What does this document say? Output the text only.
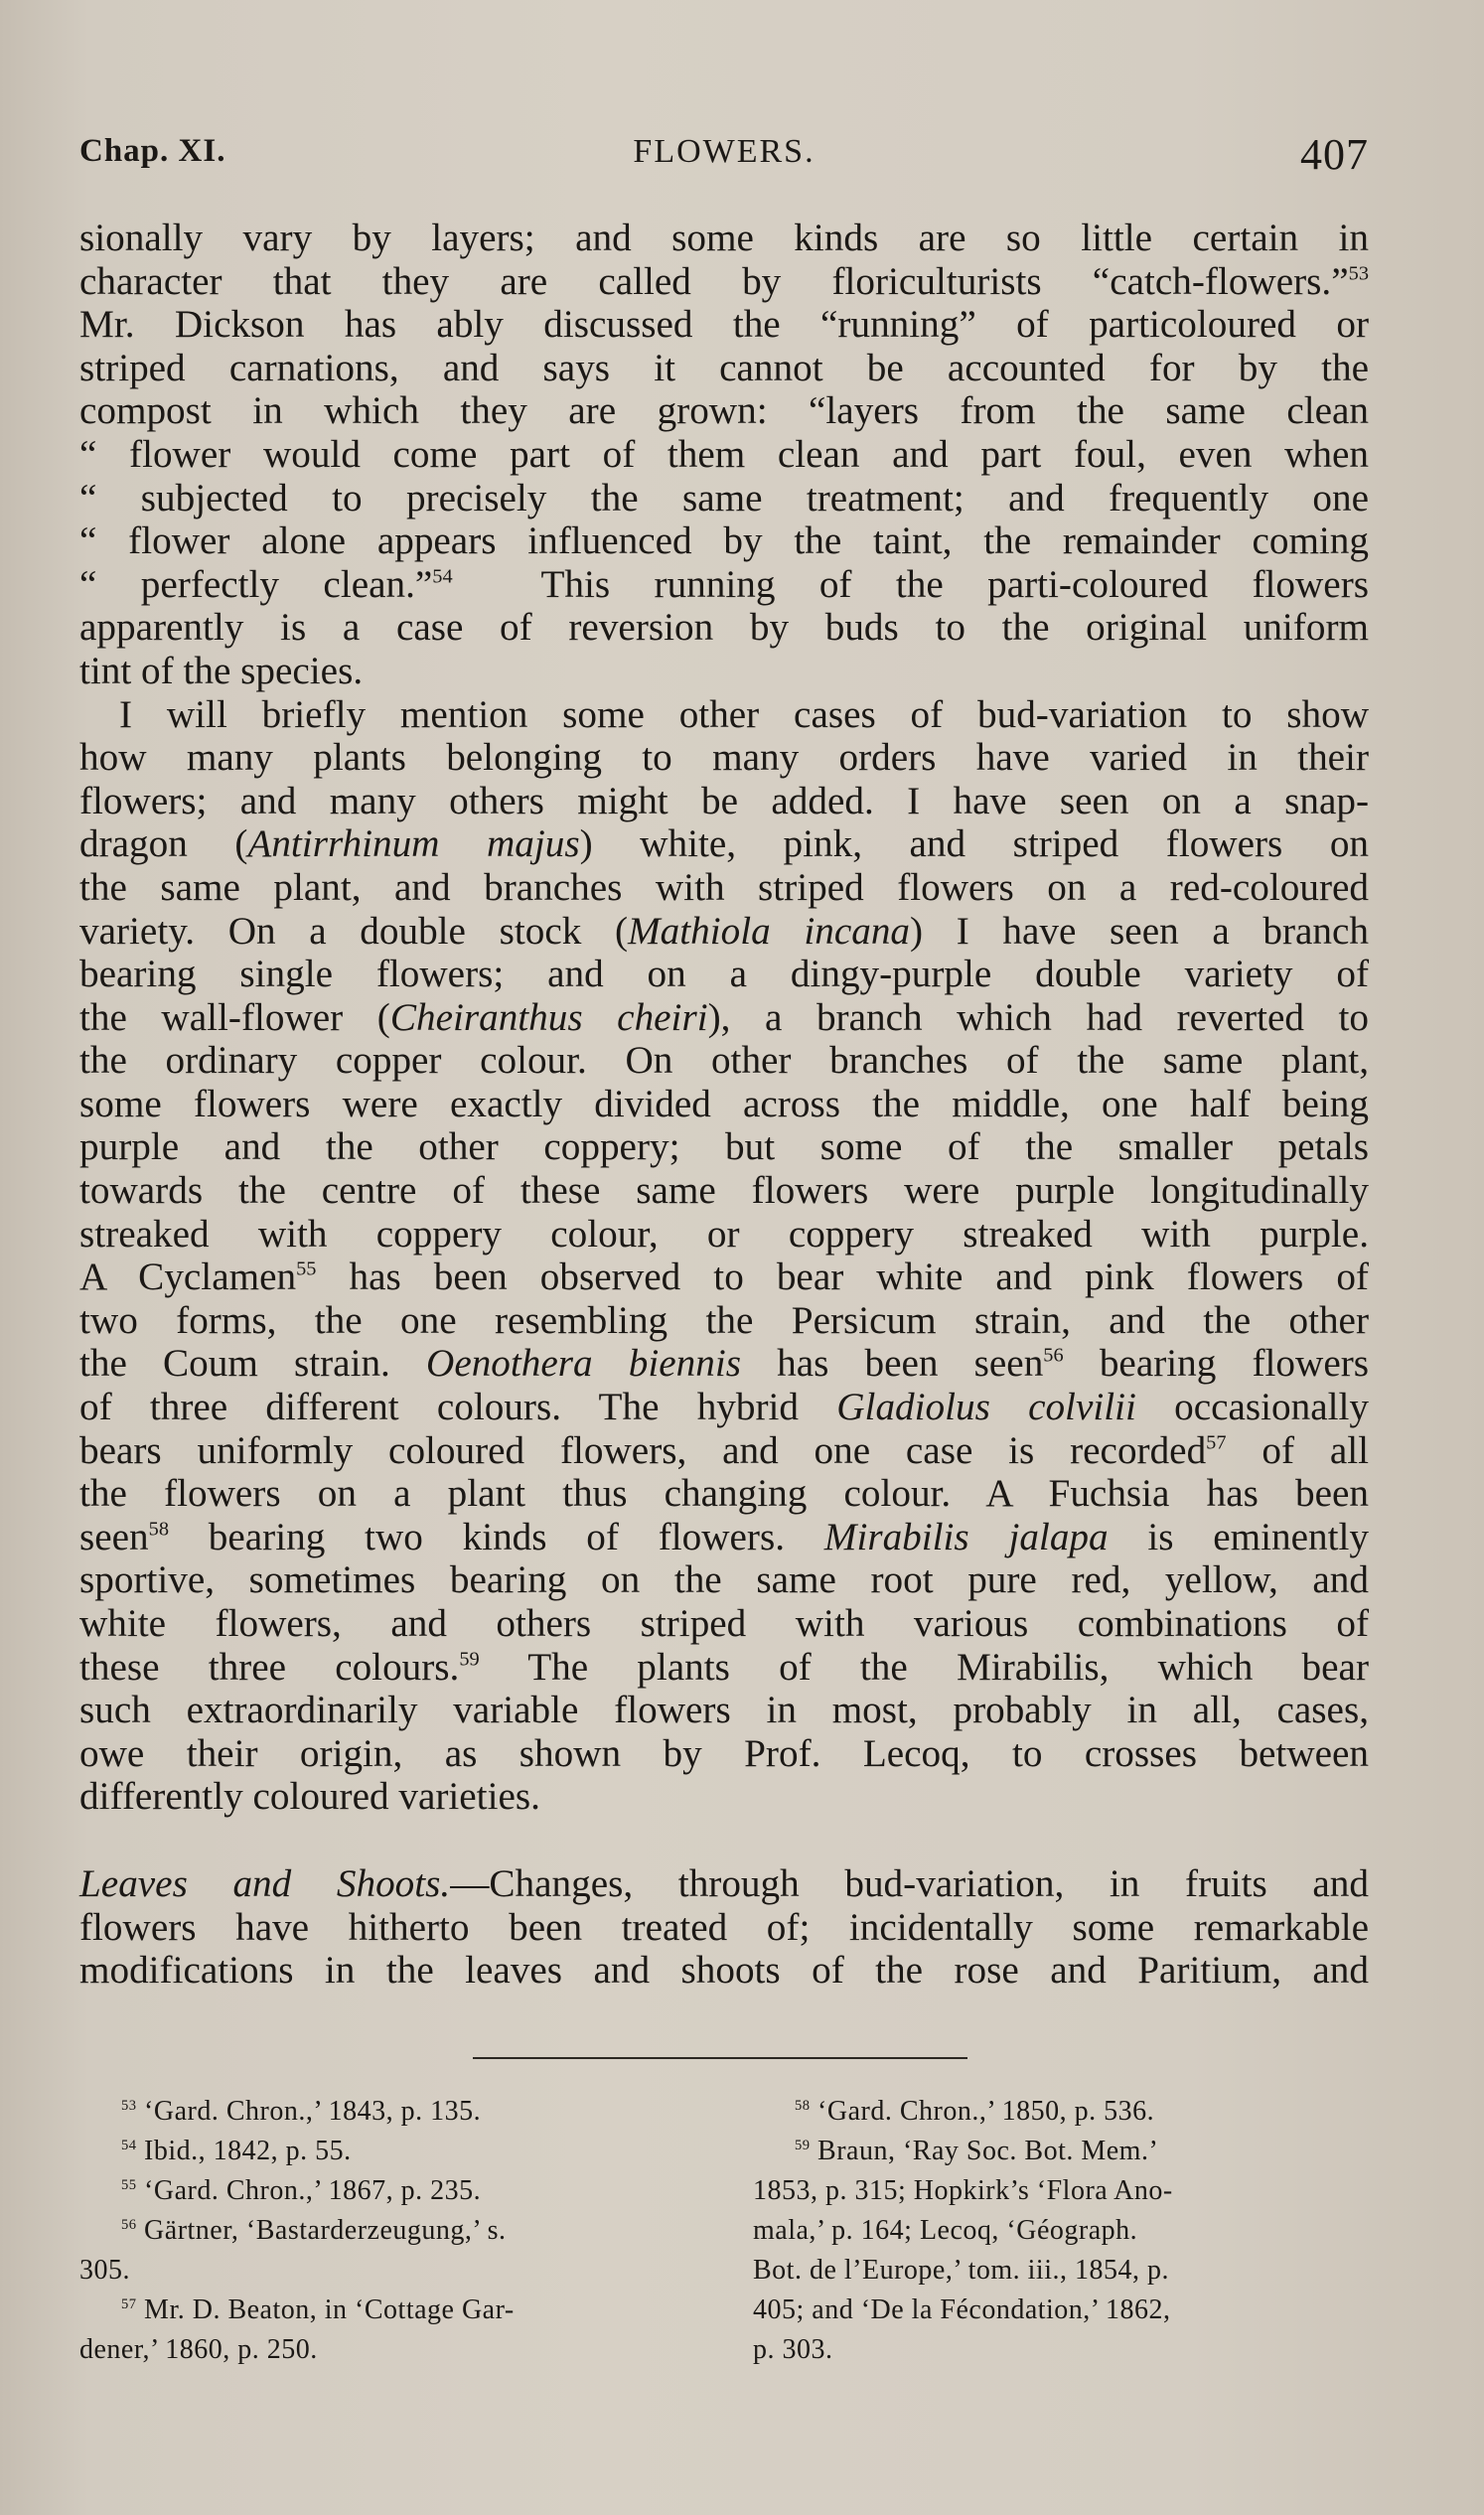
Chap. XI.	FLOWERS.	407

sionally vary by layers; and some kinds are so little certain in
character that they are called by floriculturists “catch-flowers.”$^{53}$
Mr. Dickson has ably discussed the “running” of particoloured or
striped carnations, and says it cannot be accounted for by the
compost in which they are grown: “layers from the same clean
“ flower would come part of them clean and part foul, even when
“ subjected to precisely the same treatment; and frequently one
“ flower alone appears influenced by the taint, the remainder coming
“ perfectly clean.”$^{54}$ This running of the parti-coloured flowers
apparently is a case of reversion by buds to the original uniform
tint of the species.

I will briefly mention some other cases of bud-variation to show
how many plants belonging to many orders have varied in their
flowers; and many others might be added. I have seen on a snap-
dragon (Antirrhinum majus) white, pink, and striped flowers on
the same plant, and branches with striped flowers on a red-coloured
variety. On a double stock (Mathiola incana) I have seen a branch
bearing single flowers; and on a dingy-purple double variety of
the wall-flower (Cheiranthus cheiri), a branch which had reverted to
the ordinary copper colour. On other branches of the same plant,
some flowers were exactly divided across the middle, one half being
purple and the other coppery; but some of the smaller petals
towards the centre of these same flowers were purple longitudinally
streaked with coppery colour, or coppery streaked with purple.
A Cyclamen$^{55}$ has been observed to bear white and pink flowers of
two forms, the one resembling the Persicum strain, and the other
the Coum strain. Oenothera biennis has been seen$^{56}$ bearing flowers
of three different colours. The hybrid Gladiolus colvilii occasionally
bears uniformly coloured flowers, and one case is recorded$^{57}$ of all
the flowers on a plant thus changing colour. A Fuchsia has been
seen$^{58}$ bearing two kinds of flowers. Mirabilis jalapa is eminently
sportive, sometimes bearing on the same root pure red, yellow, and
white flowers, and others striped with various combinations of
these three colours.$^{59}$ The plants of the Mirabilis, which bear
such extraordinarily variable flowers in most, probably in all, cases,
owe their origin, as shown by Prof. Lecoq, to crosses between
differently coloured varieties.

Leaves and Shoots.—Changes, through bud-variation, in fruits and
flowers have hitherto been treated of; incidentally some remarkable
modifications in the leaves and shoots of the rose and Paritium, and

$^{53}$ ‘Gard. Chron.,’ 1843, p. 135.
$^{54}$ Ibid., 1842, p. 55.
$^{55}$ ‘Gard. Chron.,’ 1867, p. 235.
$^{56}$ Gärtner, ‘Bastarderzeugung,’ s.
305.
$^{57}$ Mr. D. Beaton, in ‘Cottage Gar-
dener,’ 1860, p. 250.
$^{58}$ ‘Gard. Chron.,’ 1850, p. 536.
$^{59}$ Braun, ‘Ray Soc. Bot. Mem.’
1853, p. 315; Hopkirk’s ‘Flora Ano-
mala,’ p. 164; Lecoq, ‘Géograph.
Bot. de l’Europe,’ tom. iii., 1854, p.
405; and ‘De la Fécondation,’ 1862,
p. 303.
